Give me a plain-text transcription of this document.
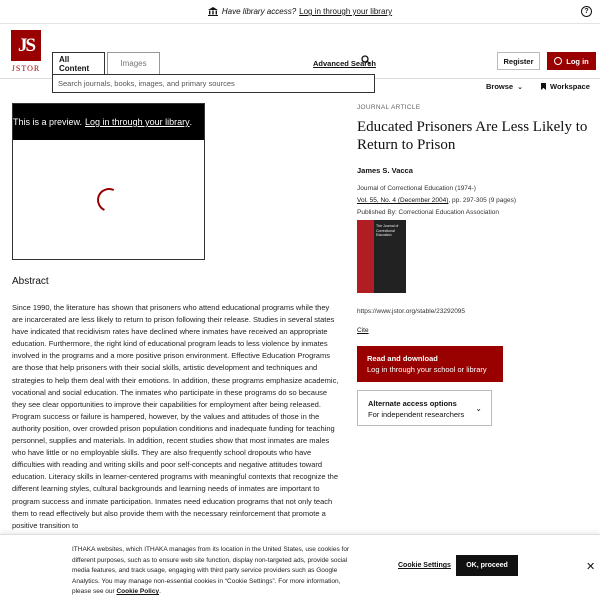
Have library access? Log in through your library	?
JS
JSTOR
All Content	Images
Search journals, books, images, and primary sources
Advanced Search	Register	Log in
Browse ⌄	Workspace
This is a preview. Log in through your library .
Abstract
Since 1990, the literature has shown that prisoners who attend educational programs while they are incarcerated are less likely to return to prison following their release. Studies in several states have indicated that recidivism rates have declined where inmates have received an appropriate education. Furthermore, the right kind of educational program leads to less violence by inmates involved in the programs and a more positive prison environment. Effective Education Programs are those that help prisoners with their social skills, artistic development and techniques and strategies to help them deal with their emotions. In addition, these programs emphasize academic, vocational and social education. The inmates who participate in these programs do so because they see clear opportunities to improve their capabilities for employment after being released. Program success or failure is hampered, however, by the values and attitudes of those in the authority position, over crowded prison population conditions and inadequate funding for teaching personnel, supplies and materials. In addition, recent studies show that most inmates are males who have little or no employable skills. They are also frequently school dropouts who have difficulties with reading and writing skills and poor self-concepts and negative attitudes toward education. Literacy skills in learner-centered programs with meaningful contexts that recognize the different learning styles, cultural backgrounds and learning needs of inmates are important to program success and inmate participation. Inmates need education programs that not only teach them to read effectively but also provide them with the necessary reinforcement that promote a positive transition to
JOURNAL ARTICLE
Educated Prisoners Are Less Likely to Return to Prison
James S. Vacca
Journal of Correctional Education (1974-)
Vol. 55, No. 4 (December 2004), pp. 297-305 (9 pages)
Published By: Correctional Education Association
The Journal of Correctional Education
https://www.jstor.org/stable/23292095
Cite
Read and download
Log in through your school or library
Alternate access options
For independent researchers
⌄
ITHAKA websites, which ITHAKA manages from its location in the United States, use cookies for different purposes, such as to ensure web site function, display non-targeted ads, provide social media features, and track usage, engaging with third party service providers such as Google Analytics. You may manage non-essential cookies in “Cookie Settings”. For more information, please see our Cookie Policy.
Cookie Settings	OK, proceed	✕
